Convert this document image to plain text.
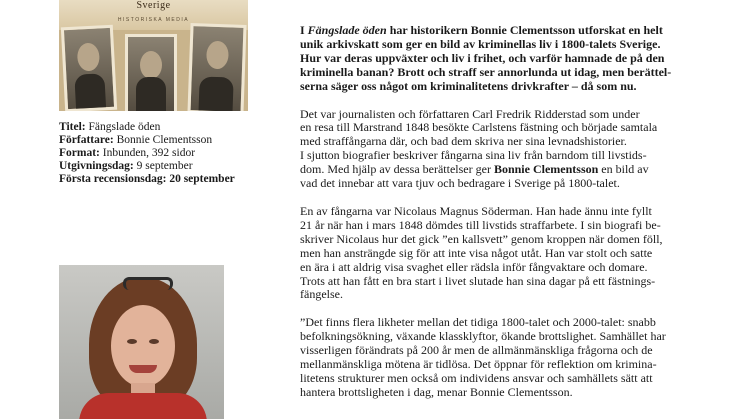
Sverige
HISTORISKA MEDIA
Titel: Fängslade öden
Författare: Bonnie Clementsson
Format: Inbunden, 392 sidor
Utgivningsdag: 9 september
Första recensionsdag: 20 september

I Fängslade öden har historikern Bonnie Clementsson utforskat en helt
unik arkivskatt som ger en bild av kriminellas liv i 1800-talets Sverige.
Hur var deras uppväxter och liv i frihet, och varför hamnade de på den
kriminella banan? Brott och straff ser annorlunda ut idag, men berättel-
serna säger oss något om kriminalitetens drivkrafter – då som nu.

Det var journalisten och författaren Carl Fredrik Ridderstad som under
en resa till Marstrand 1848 besökte Carlstens fästning och började samtala
med straffångarna där, och bad dem skriva ner sina levnadshistorier.
I sjutton biografier beskriver fångarna sina liv från barndom till livstids-
dom. Med hjälp av dessa berättelser ger Bonnie Clementsson en bild av
vad det innebar att vara tjuv och bedragare i Sverige på 1800-talet.

En av fångarna var Nicolaus Magnus Söderman. Han hade ännu inte fyllt
21 år när han i mars 1848 dömdes till livstids straffarbete. I sin biografi be-
skriver Nicolaus hur det gick ”en kallsvett” genom kroppen när domen föll,
men han ansträngde sig för att inte visa något utåt. Han var stolt och satte
en ära i att aldrig visa svaghet eller rädsla inför fångvaktare och domare.
Trots att han fått en bra start i livet slutade han sina dagar på ett fästnings-
fängelse.

”Det finns flera likheter mellan det tidiga 1800-talet och 2000-talet: snabb
befolkningsökning, växande klassklyftor, ökande brottslighet. Samhället har
visserligen förändrats på 200 år men de allmänmänskliga frågorna och de
mellanmänskliga mötena är tidlösa. Det öppnar för reflektion om krimina-
litetens strukturer men också om individens ansvar och samhällets sätt att
hantera brottsligheten i dag, menar Bonnie Clementsson.
